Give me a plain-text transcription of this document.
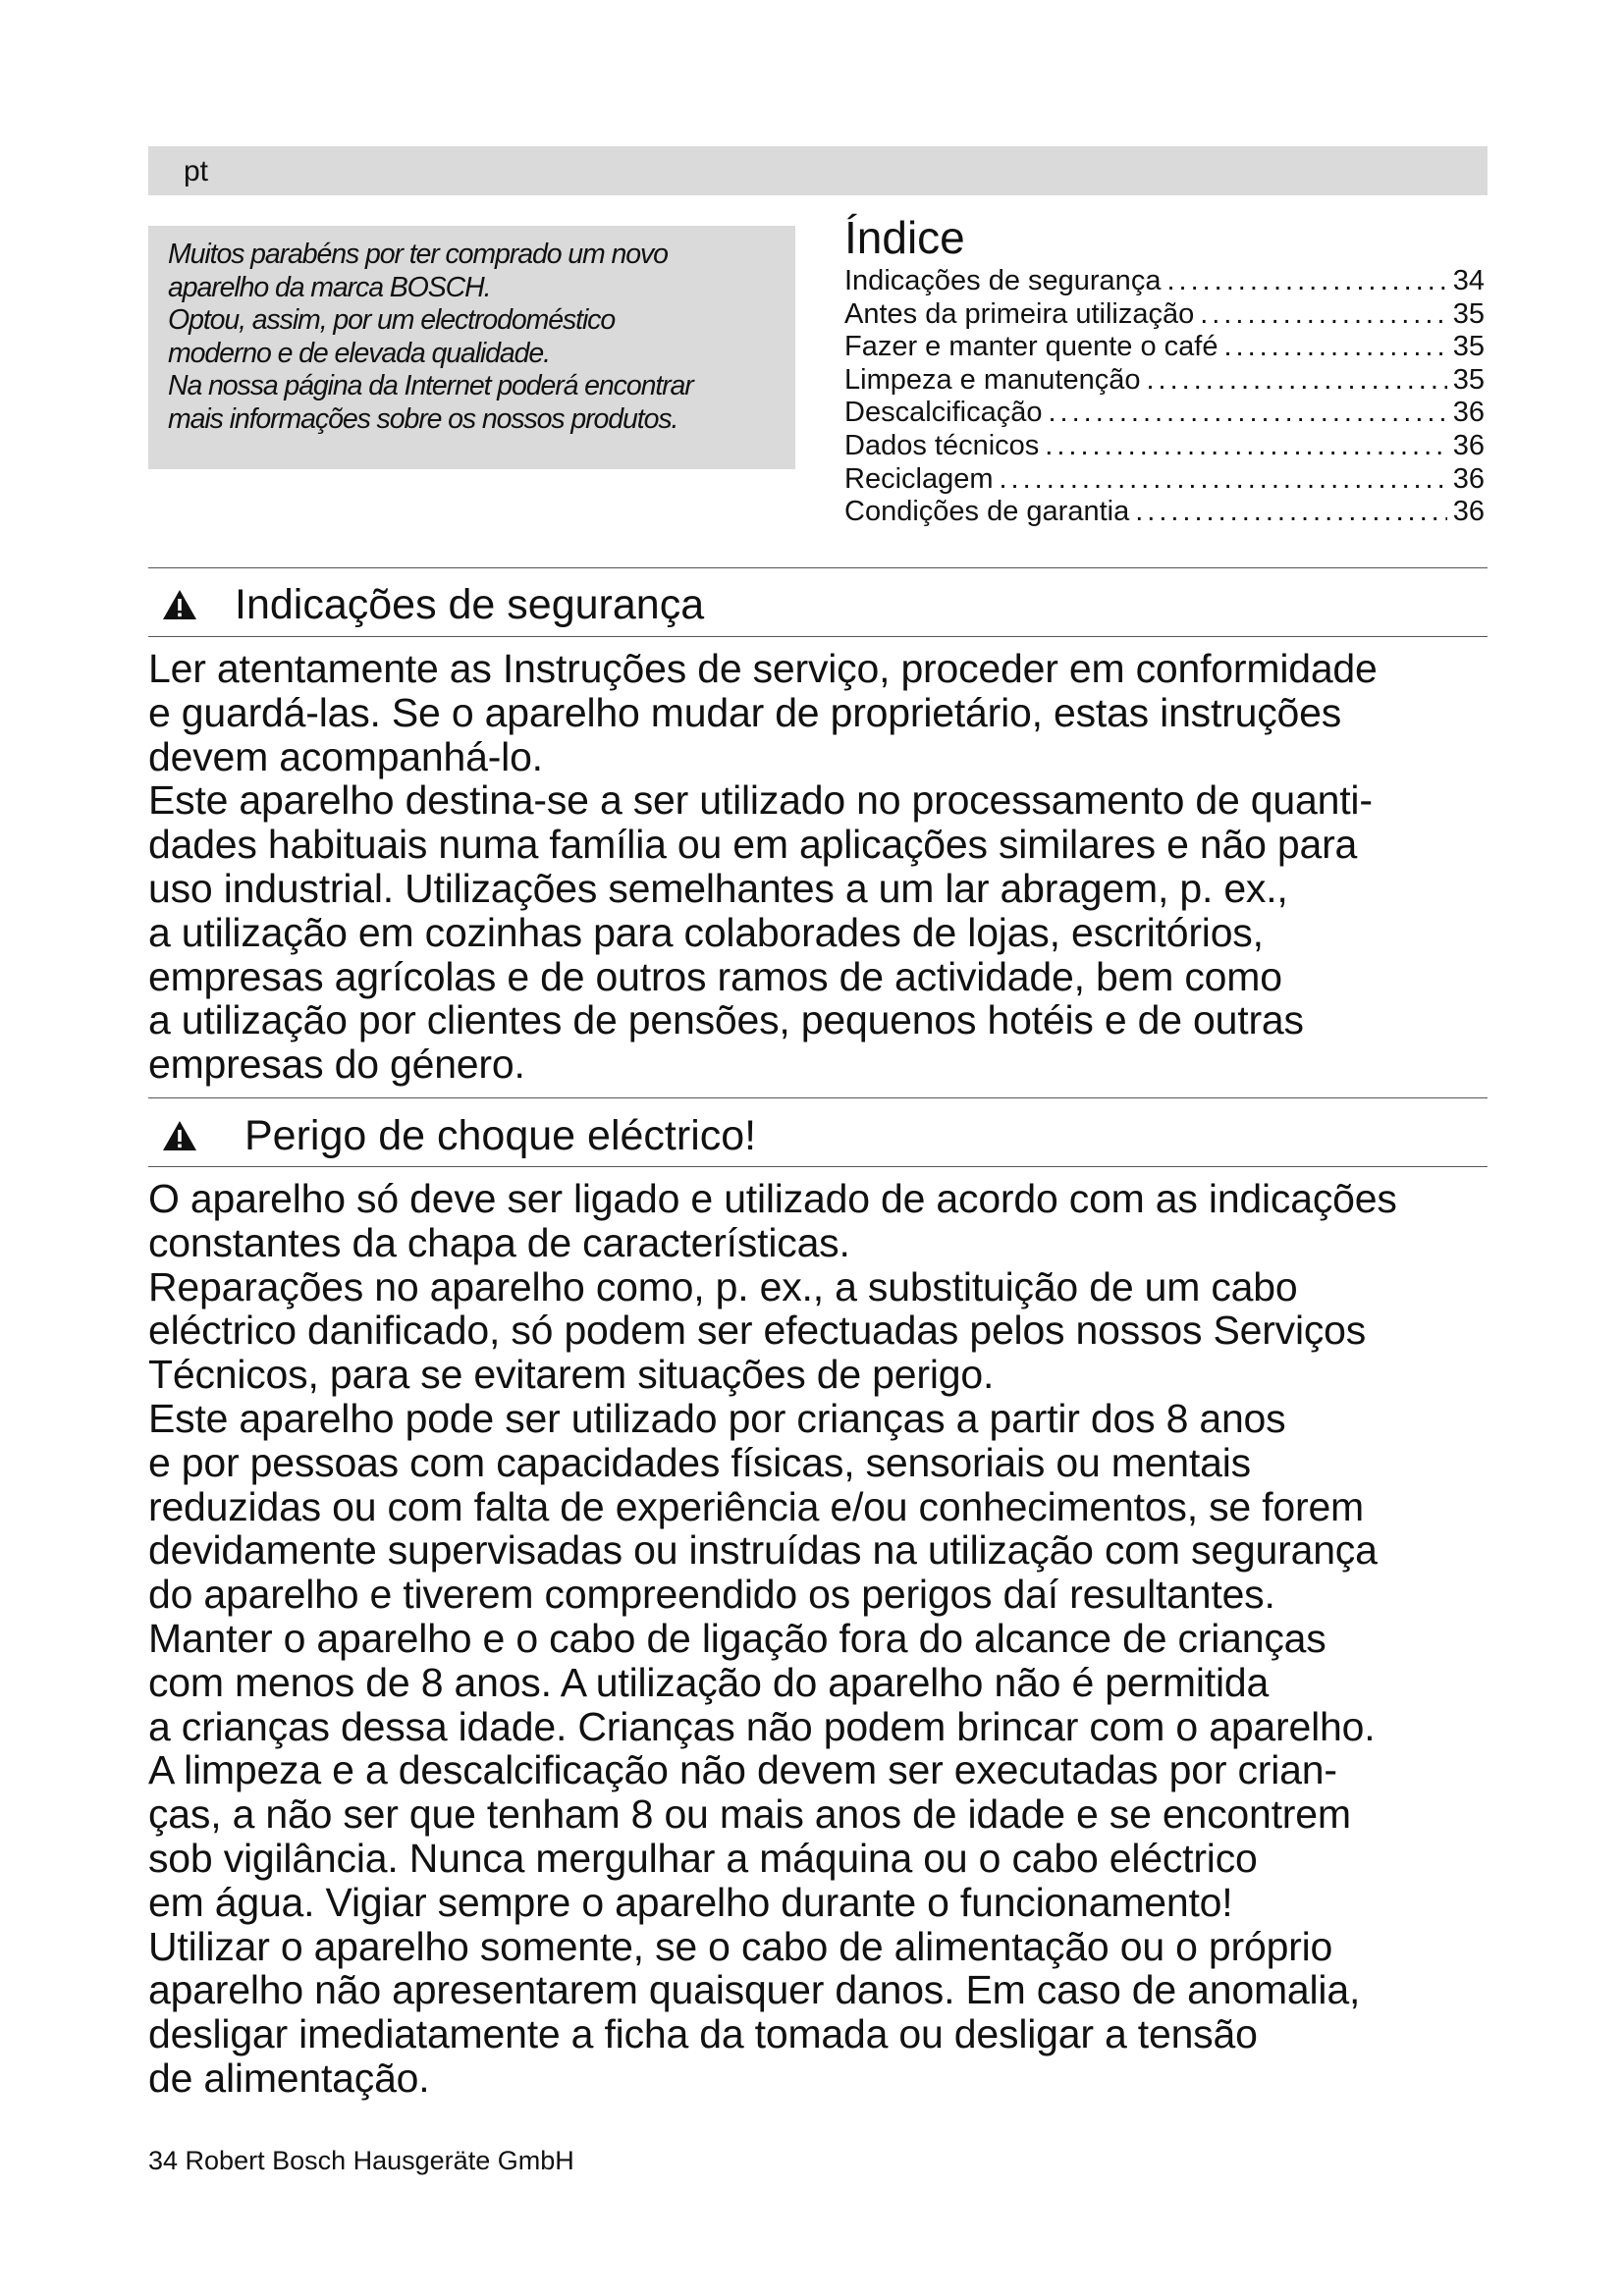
pt
Muitos parabéns por ter comprado um novo
aparelho da marca BOSCH.
Optou, assim, por um electrodoméstico
moderno e de elevada qualidade.
Na nossa página da Internet poderá encontrar
mais informações sobre os nossos produtos.
Índice
Indicações de segurança .....	34
Antes da primeira utilização .....	35
Fazer e manter quente o café .....	35
Limpeza e manutenção .....	35
Descalcificação .....	36
Dados técnicos .....	36
Reciclagem .....	36
Condições de garantia .....	36
Indicações de segurança
Ler atentamente as Instruções de serviço, proceder em conformidade
e guardá-las. Se o aparelho mudar de proprietário, estas instruções
devem acompanhá-lo.
Este aparelho destina-se a ser utilizado no processamento de quanti-
dades habituais numa família ou em aplicações similares e não para
uso industrial. Utilizações semelhantes a um lar abragem, p. ex.,
a utilização em cozinhas para colaborades de lojas, escritórios,
empresas agrícolas e de outros ramos de actividade, bem como
a utilização por clientes de pensões, pequenos hotéis e de outras
empresas do género.
Perigo de choque eléctrico!
O aparelho só deve ser ligado e utilizado de acordo com as indicações
constantes da chapa de características.
Reparações no aparelho como, p. ex., a substituição de um cabo
eléctrico danificado, só podem ser efectuadas pelos nossos Serviços
Técnicos, para se evitarem situações de perigo.
Este aparelho pode ser utilizado por crianças a partir dos 8 anos
e por pessoas com capacidades físicas, sensoriais ou mentais
reduzidas ou com falta de experiência e/ou conhecimentos, se forem
devidamente supervisadas ou instruídas na utilização com segurança
do aparelho e tiverem compreendido os perigos daí resultantes.
Manter o aparelho e o cabo de ligação fora do alcance de crianças
com menos de 8 anos. A utilização do aparelho não é permitida
a crianças dessa idade. Crianças não podem brincar com o aparelho.
A limpeza e a descalcificação não devem ser executadas por crian-
ças, a não ser que tenham 8 ou mais anos de idade e se encontrem
sob vigilância. Nunca mergulhar a máquina ou o cabo eléctrico
em água. Vigiar sempre o aparelho durante o funcionamento!
Utilizar o aparelho somente, se o cabo de alimentação ou o próprio
aparelho não apresentarem quaisquer danos. Em caso de anomalia,
desligar imediatamente a ficha da tomada ou desligar a tensão
de alimentação.
34 Robert Bosch Hausgeräte GmbH
